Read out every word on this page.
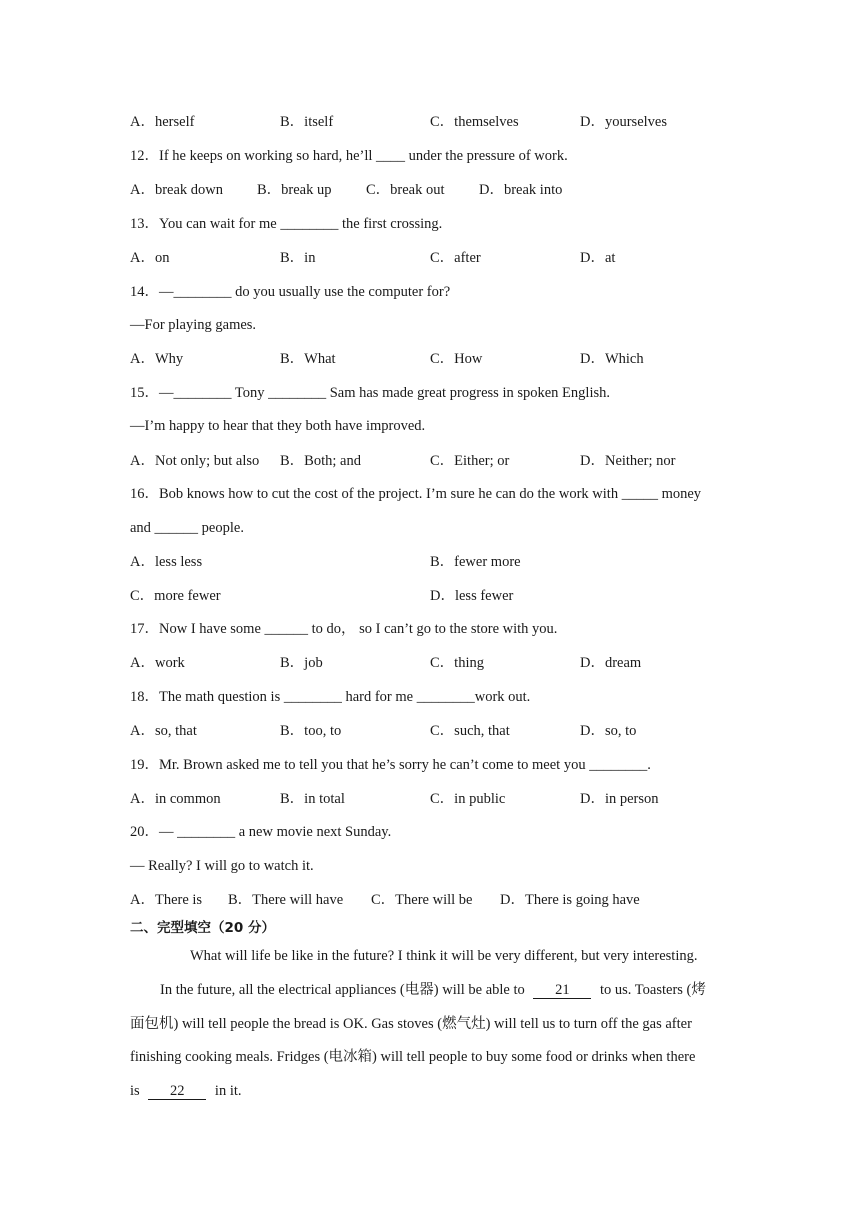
A．herself	B．itself	C．themselves	D．yourselves
12．If he keeps on working so hard, he’ll ____ under the pressure of work.
A．break down B．break up C．break out D．break into
13．You can wait for me ________ the first crossing.
A．on	B．in	C．after	D．at
14．—________ do you usually use the computer for?
—For playing games.
A．Why	B．What	C．How	D．Which
15．—________ Tony ________ Sam has made great progress in spoken English.
—I’m happy to hear that they both have improved.
A．Not only; but also B．Both; and	C．Either; or	D．Neither; nor
16．Bob knows how to cut the cost of the project. I’m sure he can do the work with _____ money
and ______ people.
A．less less	B．fewer more
C．more fewer	D．less fewer
17．Now I have some ______ to do， so I can’t go to the store with you.
A．work	B．job	C．thing	D．dream
18．The math question is ________ hard for me ________work out.
A．so, that	B．too, to	C．such, that	D．so, to
19．Mr. Brown asked me to tell you that he’s sorry he can’t come to meet you ________.
A．in common	B．in total	C．in public	D．in person
20．— ________ a new movie next Sunday.
— Really? I will go to watch it.
A．There is B．There will have C．There will be D．There is going have
二、完型填空（20 分）
What will life be like in the future? I think it will be very different, but very interesting.
In the future, all the electrical appliances (电器) will be able to 21 to us. Toasters (烤
面包机) will tell people the bread is OK. Gas stoves (燃气灶) will tell us to turn off the gas after
finishing cooking meals. Fridges (电冰箱) will tell people to buy some food or drinks when there
is 22 in it.
